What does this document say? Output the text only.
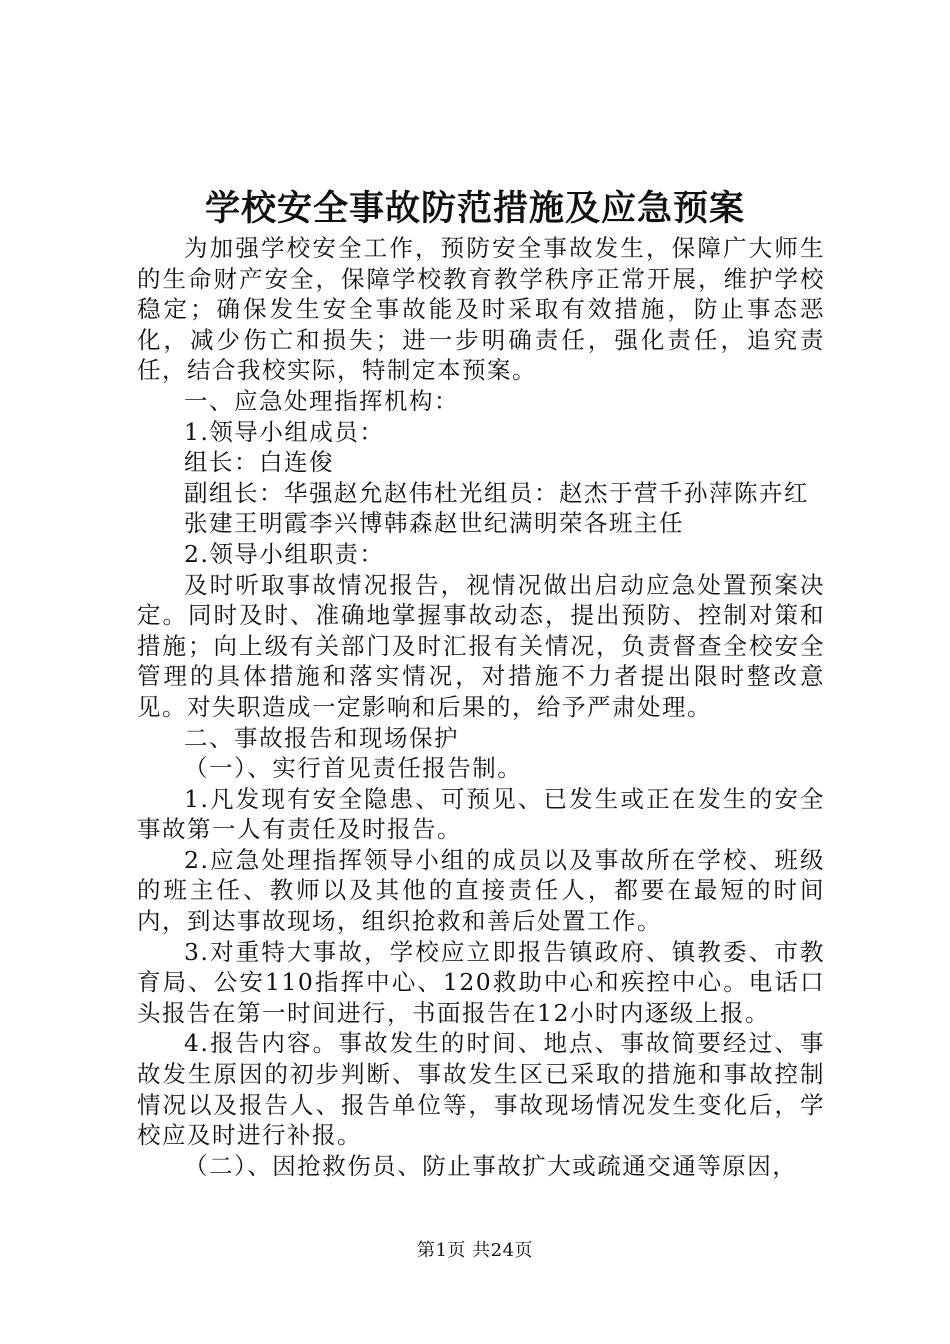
学校安全事故防范措施及应急预案

为加强学校安全工作，预防安全事故发生，保障广大师生的生命财产安全，保障学校教育教学秩序正常开展，维护学校稳定；确保发生安全事故能及时采取有效措施，防止事态恶化，减少伤亡和损失；进一步明确责任，强化责任，追究责任，结合我校实际，特制定本预案。

一、应急处理指挥机构：

1.领导小组成员：

组长：白连俊

副组长：华强赵允赵伟杜光组员：赵杰于营千孙萍陈卉红

张建王明霞李兴博韩森赵世纪满明荣各班主任

2.领导小组职责：

及时听取事故情况报告，视情况做出启动应急处置预案决定。同时及时、准确地掌握事故动态，提出预防、控制对策和措施；向上级有关部门及时汇报有关情况，负责督查全校安全管理的具体措施和落实情况，对措施不力者提出限时整改意见。对失职造成一定影响和后果的，给予严肃处理。

二、事故报告和现场保护

（一）、实行首见责任报告制。

1.凡发现有安全隐患、可预见、已发生或正在发生的安全事故第一人有责任及时报告。

2.应急处理指挥领导小组的成员以及事故所在学校、班级的班主任、教师以及其他的直接责任人，都要在最短的时间内，到达事故现场，组织抢救和善后处置工作。

3.对重特大事故，学校应立即报告镇政府、镇教委、市教育局、公安110指挥中心、120救助中心和疾控中心。电话口头报告在第一时间进行，书面报告在12小时内逐级上报。

4.报告内容。事故发生的时间、地点、事故简要经过、事故发生原因的初步判断、事故发生区已采取的措施和事故控制情况以及报告人、报告单位等，事故现场情况发生变化后，学校应及时进行补报。

（二）、因抢救伤员、防止事故扩大或疏通交通等原因，

第1页 共24页
